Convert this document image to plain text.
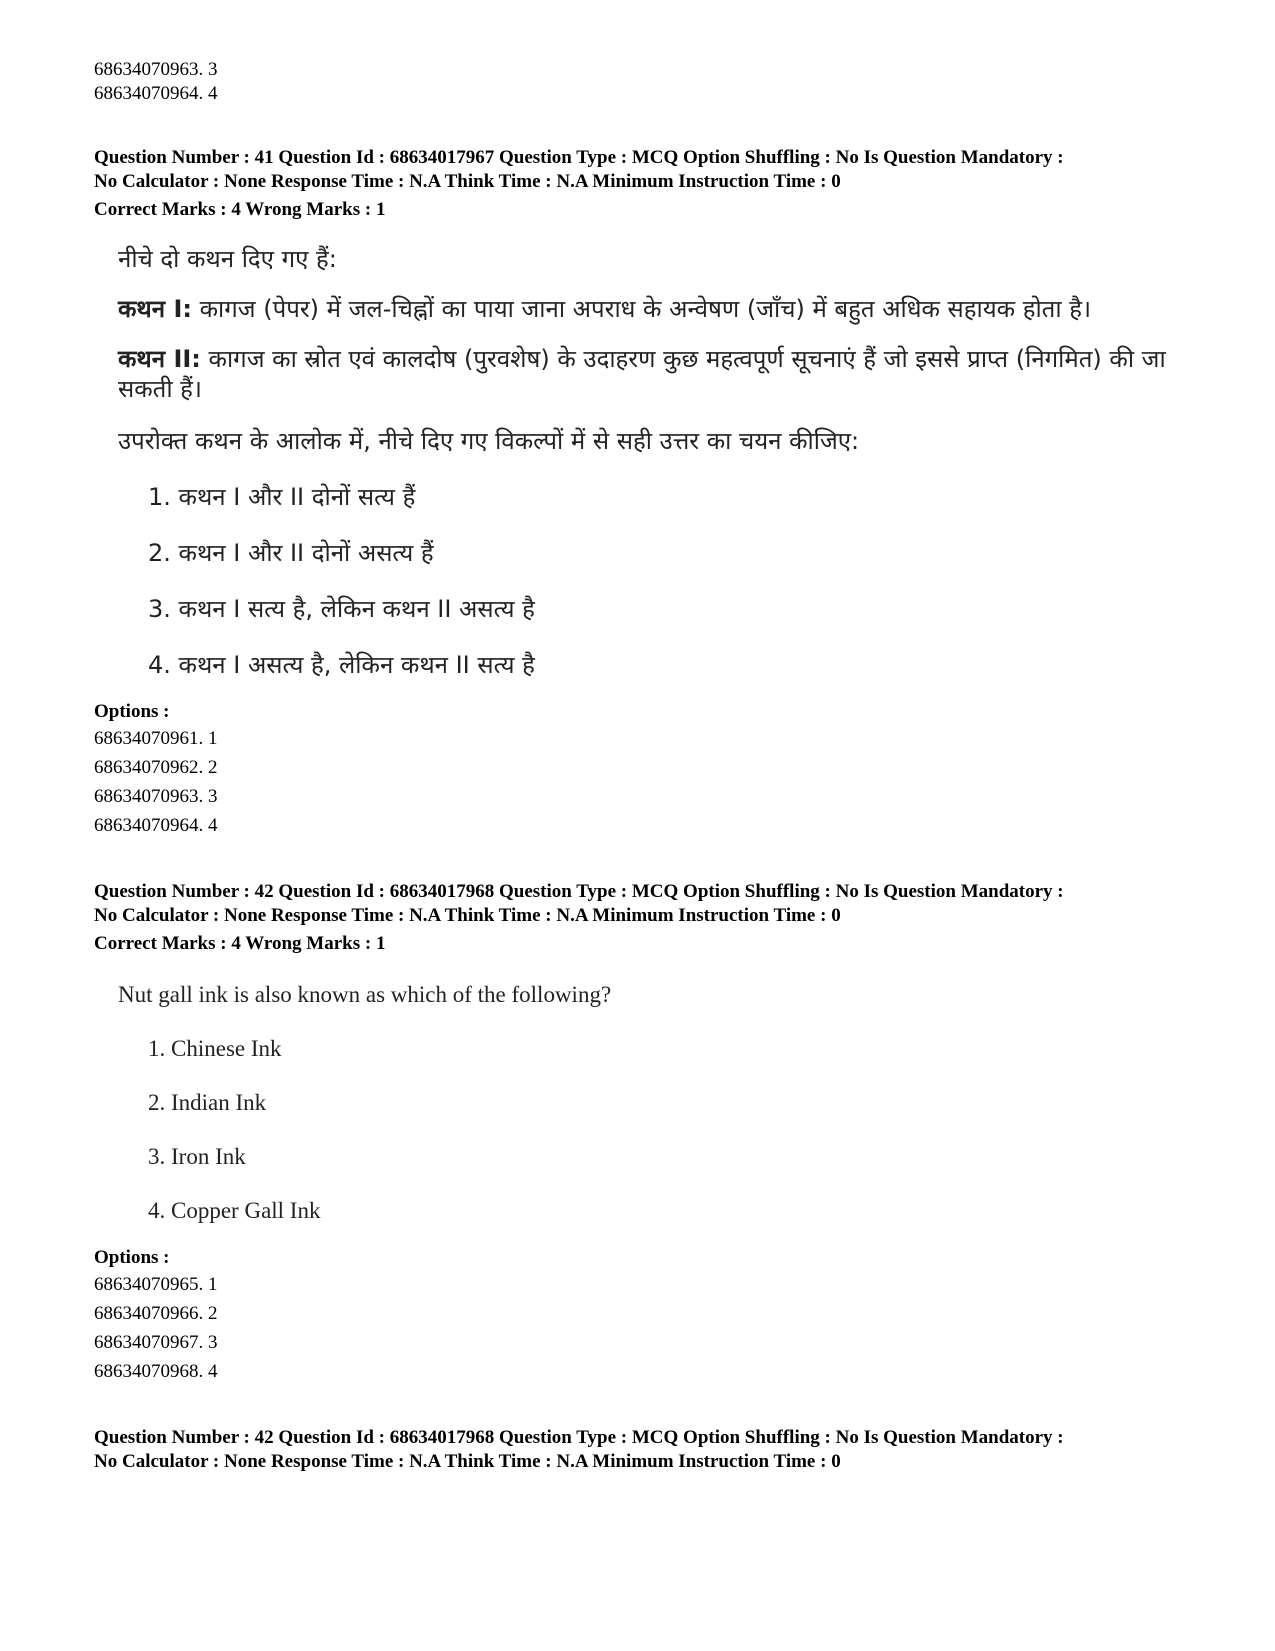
68634070963. 3
68634070964. 4
Question Number : 41 Question Id : 68634017967 Question Type : MCQ Option Shuffling : No Is Question Mandatory :
No Calculator : None Response Time : N.A Think Time : N.A Minimum Instruction Time : 0
Correct Marks : 4 Wrong Marks : 1

नीचे दो कथन दिए गए हैं:

कथन I: कागज (पेपर) में जल-चिह्नों का पाया जाना अपराध के अन्वेषण (जाँच) में बहुत अधिक सहायक होता है।

कथन II: कागज का स्रोत एवं कालदोष (पुरवशेष) के उदाहरण कुछ महत्वपूर्ण सूचनाएं हैं जो इससे प्राप्त (निगमित) की जा सकती हैं।

उपरोक्त कथन के आलोक में, नीचे दिए गए विकल्पों में से सही उत्तर का चयन कीजिए:

1. कथन I और II दोनों सत्य हैं

2. कथन I और II दोनों असत्य हैं

3. कथन I सत्य है, लेकिन कथन II असत्य है

4. कथन I असत्य है, लेकिन कथन II सत्य है

Options :
68634070961. 1
68634070962. 2
68634070963. 3
68634070964. 4
Question Number : 42 Question Id : 68634017968 Question Type : MCQ Option Shuffling : No Is Question Mandatory :
No Calculator : None Response Time : N.A Think Time : N.A Minimum Instruction Time : 0
Correct Marks : 4 Wrong Marks : 1

Nut gall ink is also known as which of the following?

1. Chinese Ink

2. Indian Ink

3. Iron Ink

4. Copper Gall Ink

Options :
68634070965. 1
68634070966. 2
68634070967. 3
68634070968. 4
Question Number : 42 Question Id : 68634017968 Question Type : MCQ Option Shuffling : No Is Question Mandatory :
No Calculator : None Response Time : N.A Think Time : N.A Minimum Instruction Time : 0
